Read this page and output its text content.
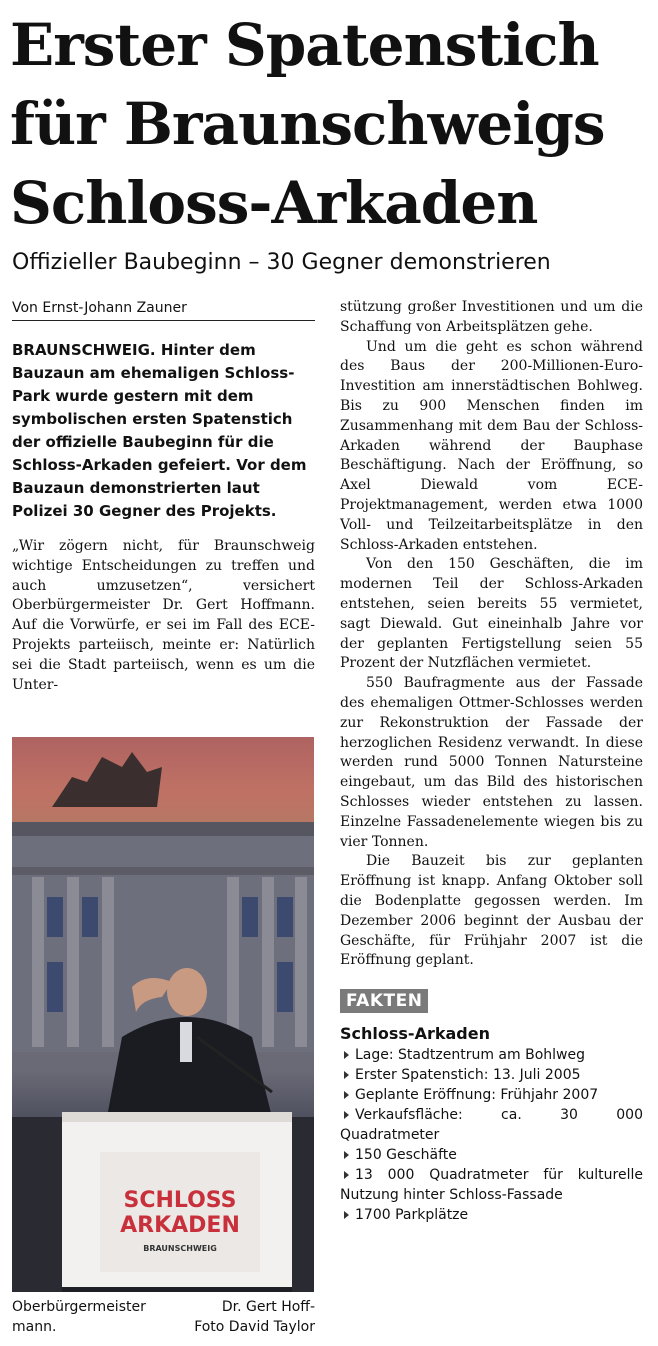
Erster Spatenstich
für Braunschweigs
Schloss-Arkaden
Offizieller Baubeginn – 30 Gegner demonstrieren
Von Ernst-Johann Zauner

BRAUNSCHWEIG. Hinter dem Bauzaun am ehemaligen Schloss-Park wurde gestern mit dem symbolischen ersten Spatenstich der offizielle Baubeginn für die Schloss-Arkaden gefeiert. Vor dem Bauzaun demonstrierten laut Polizei 30 Gegner des Projekts.

„Wir zögern nicht, für Braunschweig wichtige Entscheidungen zu treffen und auch umzusetzen“, versichert Oberbürgermeister Dr. Gert Hoffmann. Auf die Vorwürfe, er sei im Fall des ECE-Projekts parteiisch, meinte er: Natürlich sei die Stadt parteiisch, wenn es um die Unter-

SCHLOSS
ARKADEN
BRAUNSCHWEIG
Oberbürgermeister	Dr. Gert Hoff-
mann.	Foto David Taylor

stützung großer Investitionen und um die Schaffung von Arbeitsplätzen gehe.

Und um die geht es schon während des Baus der 200-Millionen-Euro-Investition am innerstädtischen Bohlweg. Bis zu 900 Menschen finden im Zusammenhang mit dem Bau der Schloss-Arkaden während der Bauphase Beschäftigung. Nach der Eröffnung, so Axel Diewald vom ECE-Projektmanagement, werden etwa 1000 Voll- und Teilzeitarbeitsplätze in den Schloss-Arkaden entstehen.

Von den 150 Geschäften, die im modernen Teil der Schloss-Arkaden entstehen, seien bereits 55 vermietet, sagt Diewald. Gut eineinhalb Jahre vor der geplanten Fertigstellung seien 55 Prozent der Nutzflächen vermietet.

550 Baufragmente aus der Fassade des ehemaligen Ottmer-Schlosses werden zur Rekonstruktion der Fassade der herzoglichen Residenz verwandt. In diese werden rund 5000 Tonnen Natursteine eingebaut, um das Bild des historischen Schlosses wieder entstehen zu lassen. Einzelne Fassadenelemente wiegen bis zu vier Tonnen.

Die Bauzeit bis zur geplanten Eröffnung ist knapp. Anfang Oktober soll die Bodenplatte gegossen werden. Im Dezember 2006 beginnt der Ausbau der Geschäfte, für Frühjahr 2007 ist die Eröffnung geplant.

FAKTEN
Schloss-Arkaden
Lage: Stadtzentrum am Bohlweg
Erster Spatenstich: 13. Juli 2005
Geplante Eröffnung: Frühjahr 2007
Verkaufsfläche: ca. 30 000 Quadratmeter
150 Geschäfte
13 000 Quadratmeter für kulturelle Nutzung hinter Schloss-Fassade
1700 Parkplätze
